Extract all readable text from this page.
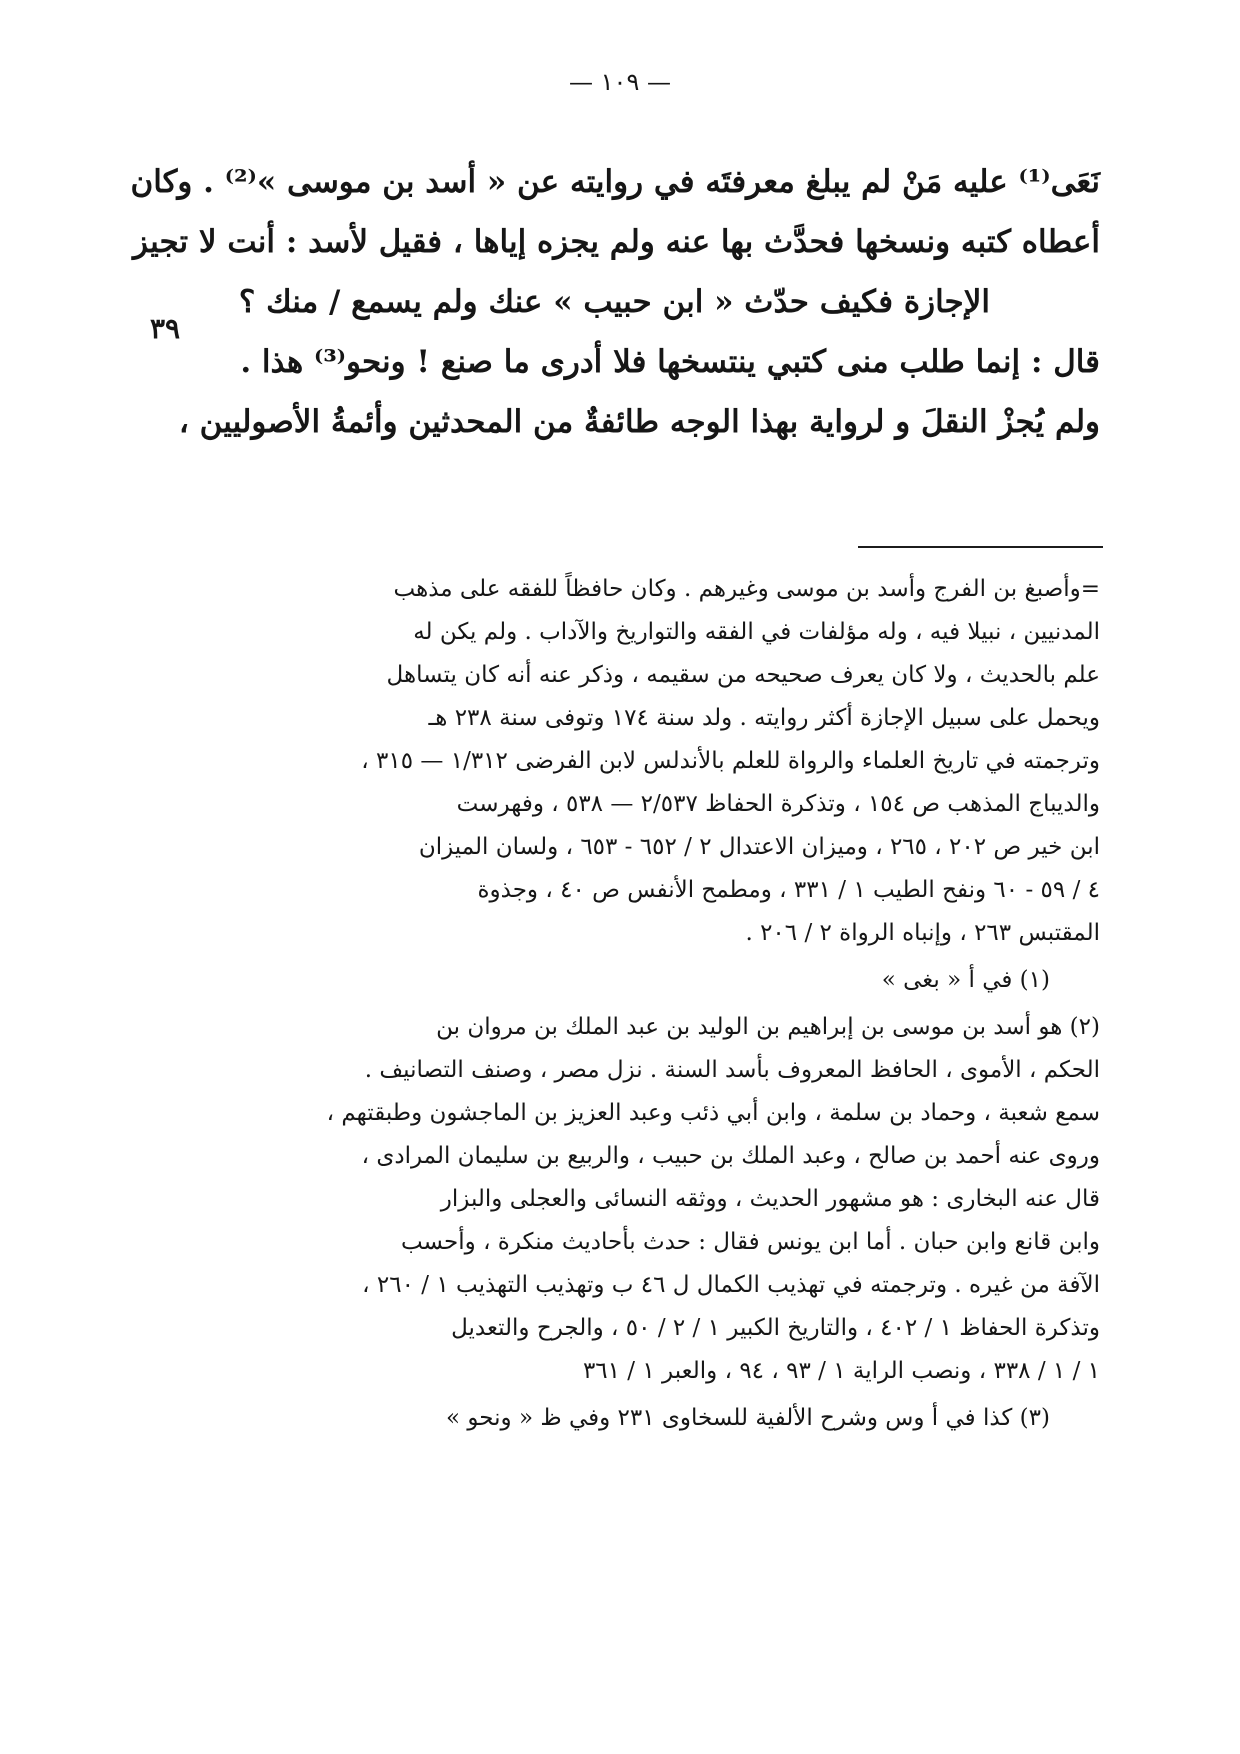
— ١٠٩ —
٣٩
نَعَى⁽¹⁾ عليه مَنْ لم يبلغ معرفتَه في روايته عن « أسد بن موسى »⁽²⁾ . وكان
أعطاه كتبه ونسخها فحدَّث بها عنه ولم يجزه إياها ، فقيل لأسد : أنت لا تجيز
الإجازة فكيف حدّث « ابن حبيب » عنك ولم يسمع / منك ؟
قال : إنما طلب منى كتبي ينتسخها فلا أدرى ما صنع ! ونحو⁽³⁾ هذا .
ولم يُجزْ النقلَ و لرواية بهذا الوجه طائفةٌ من المحدثين وأئمةُ الأصوليين ،
=وأصبغ بن الفرج وأسد بن موسى وغيرهم . وكان حافظاً للفقه على مذهب
المدنيين ، نبيلا فيه ، وله مؤلفات في الفقه والتواريخ والآداب . ولم يكن له
علم بالحديث ، ولا كان يعرف صحيحه من سقيمه ، وذكر عنه أنه كان يتساهل
ويحمل على سبيل الإجازة أكثر روايته . ولد سنة ١٧٤ وتوفى سنة ٢٣٨ هـ
وترجمته في تاريخ العلماء والرواة للعلم بالأندلس لابن الفرضى ١/٣١٢ — ٣١٥ ،
والديباج المذهب ص ١٥٤ ، وتذكرة الحفاظ ٢/٥٣٧ — ٥٣٨ ، وفهرست
ابن خير ص ٢٠٢ ، ٢٦٥ ، وميزان الاعتدال ٢ / ٦٥٢ - ٦٥٣ ، ولسان الميزان
٤ / ٥٩ - ٦٠ ونفح الطيب ١ / ٣٣١ ، ومطمح الأنفس ص ٤٠ ، وجذوة
المقتبس ٢٦٣ ، وإنباه الرواة ٢ / ٢٠٦ .
(١) في أ « بغى »
(٢) هو أسد بن موسى بن إبراهيم بن الوليد بن عبد الملك بن مروان بن
الحكم ، الأموى ، الحافظ المعروف بأسد السنة . نزل مصر ، وصنف التصانيف .
سمع شعبة ، وحماد بن سلمة ، وابن أبي ذئب وعبد العزيز بن الماجشون وطبقتهم ،
وروى عنه أحمد بن صالح ، وعبد الملك بن حبيب ، والربيع بن سليمان المرادى ،
قال عنه البخارى : هو مشهور الحديث ، ووثقه النسائى والعجلى والبزار
وابن قانع وابن حبان . أما ابن يونس فقال : حدث بأحاديث منكرة ، وأحسب
الآفة من غيره . وترجمته في تهذيب الكمال ل ٤٦ ب وتهذيب التهذيب ١ / ٢٦٠ ،
وتذكرة الحفاظ ١ / ٤٠٢ ، والتاريخ الكبير ١ / ٢ / ٥٠ ، والجرح والتعديل
١ / ١ / ٣٣٨ ، ونصب الراية ١ / ٩٣ ، ٩٤ ، والعبر ١ / ٣٦١
(٣) كذا في أ وس وشرح الألفية للسخاوى ٢٣١ وفي ظ « ونحو »
